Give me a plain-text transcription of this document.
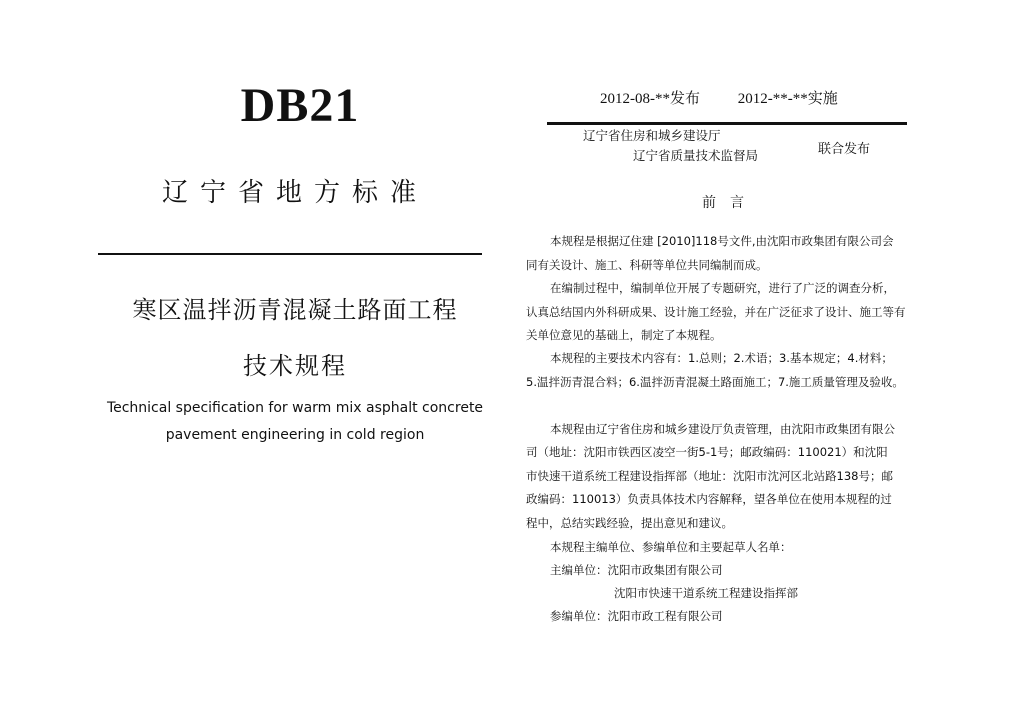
DB21
辽宁省地方标准
寒区温拌沥青混凝土路面工程
技术规程
Technical specification for warm mix asphalt concrete
pavement engineering in cold region
2012-08-**发布	2012-**-**实施
辽宁省住房和城乡建设厅
辽宁省质量技术监督局	联合发布
前言
本规程是根据辽住建 [2010]118号文件,由沈阳市政集团有限公司会
同有关设计、施工、科研等单位共同编制而成。
在编制过程中，编制单位开展了专题研究，进行了广泛的调查分析，
认真总结国内外科研成果、设计施工经验，并在广泛征求了设计、施工等有
关单位意见的基础上，制定了本规程。
本规程的主要技术内容有：1.总则；2.术语；3.基本规定；4.材料；
5.温拌沥青混合料；6.温拌沥青混凝土路面施工；7.施工质量管理及验收。
本规程由辽宁省住房和城乡建设厅负责管理，由沈阳市政集团有限公
司（地址：沈阳市铁西区凌空一街5-1号；邮政编码：110021）和沈阳
市快速干道系统工程建设指挥部（地址：沈阳市沈河区北站路138号；邮
政编码：110013）负责具体技术内容解释，望各单位在使用本规程的过
程中，总结实践经验，提出意见和建议。
本规程主编单位、参编单位和主要起草人名单：
主编单位：沈阳市政集团有限公司
沈阳市快速干道系统工程建设指挥部
参编单位：沈阳市政工程有限公司
